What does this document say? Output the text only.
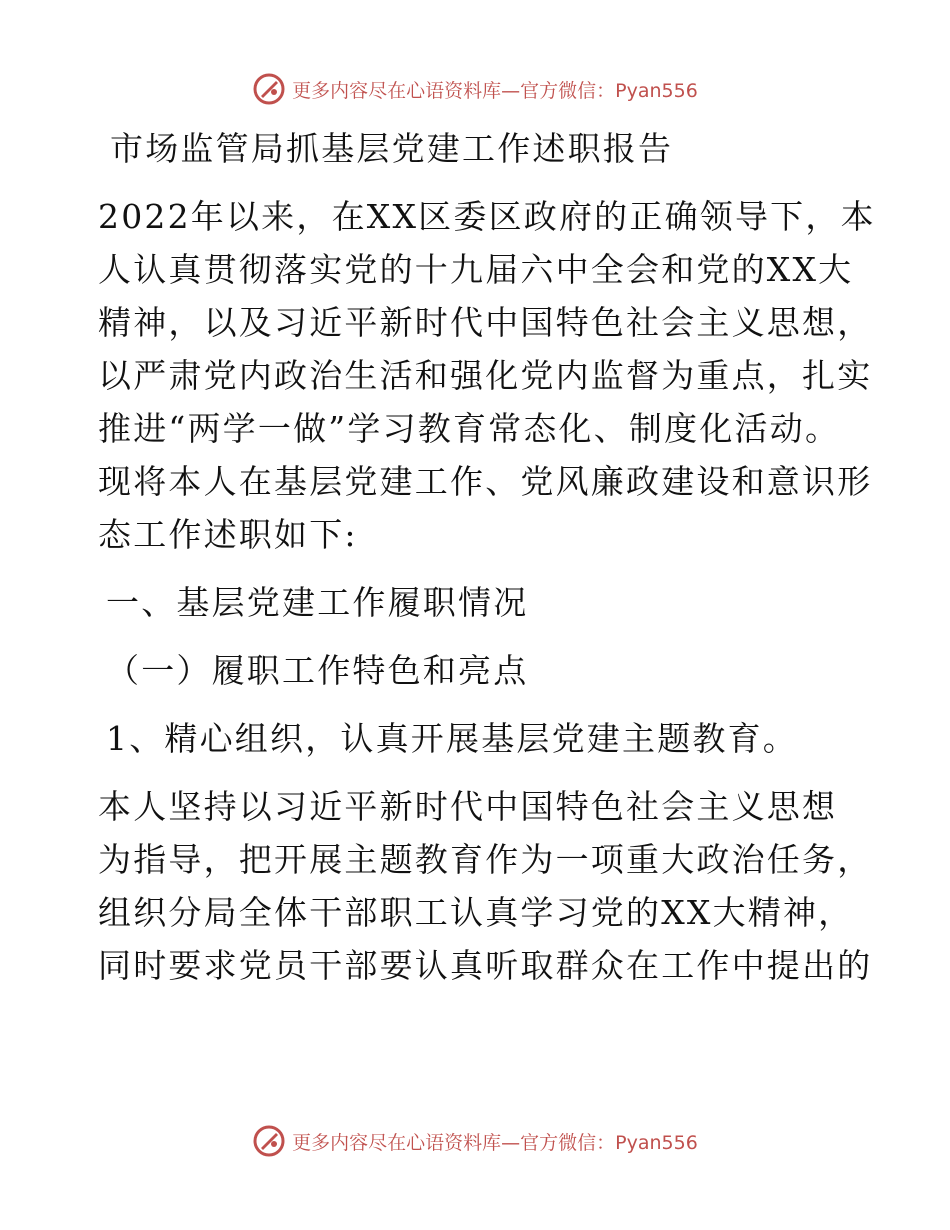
更多内容尽在心语资料库—官方微信：Pyan556
市场监管局抓基层党建工作述职报告
2022年以来，在XX区委区政府的正确领导下，本
人认真贯彻落实党的十九届六中全会和党的XX大
精神，以及习近平新时代中国特色社会主义思想，
以严肃党内政治生活和强化党内监督为重点，扎实
推进“两学一做”学习教育常态化、制度化活动。
现将本人在基层党建工作、党风廉政建设和意识形
态工作述职如下:
一、基层党建工作履职情况
（一）履职工作特色和亮点
1、精心组织，认真开展基层党建主题教育。
本人坚持以习近平新时代中国特色社会主义思想
为指导，把开展主题教育作为一项重大政治任务，
组织分局全体干部职工认真学习党的XX大精神，
同时要求党员干部要认真听取群众在工作中提出的
更多内容尽在心语资料库—官方微信：Pyan556
